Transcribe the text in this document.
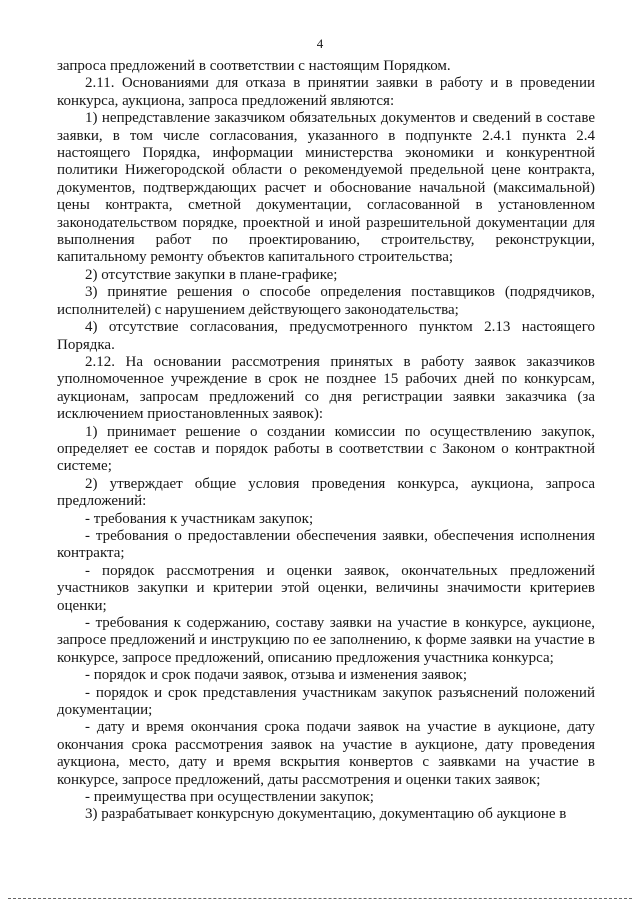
4

запроса предложений в соответствии с настоящим Порядком.

2.11. Основаниями для отказа в принятии заявки в работу и в проведении конкурса, аукциона, запроса предложений являются:

1) непредставление заказчиком обязательных документов и сведений в составе заявки, в том числе согласования, указанного в подпункте 2.4.1 пункта 2.4 настоящего Порядка, информации министерства экономики и конкурентной политики Нижегородской области о рекомендуемой предельной цене контракта, документов, подтверждающих расчет и обоснование начальной (максимальной) цены контракта, сметной документации, согласованной в установленном законодательством порядке, проектной и иной разрешительной документации для выполнения работ по проектированию, строительству, реконструкции, капитальному ремонту объектов капитального строительства;

2) отсутствие закупки в плане-графике;

3) принятие решения о способе определения поставщиков (подрядчиков, исполнителей) с нарушением действующего законодательства;

4) отсутствие согласования, предусмотренного пунктом 2.13 настоящего Порядка.

2.12. На основании рассмотрения принятых в работу заявок заказчиков уполномоченное учреждение в срок не позднее 15 рабочих дней по конкурсам, аукционам, запросам предложений со дня регистрации заявки заказчика (за исключением приостановленных заявок):

1) принимает решение о создании комиссии по осуществлению закупок, определяет ее состав и порядок работы в соответствии с Законом о контрактной системе;

2) утверждает общие условия проведения конкурса, аукциона, запроса предложений:

- требования к участникам закупок;

- требования о предоставлении обеспечения заявки, обеспечения исполнения контракта;

- порядок рассмотрения и оценки заявок, окончательных предложений участников закупки и критерии этой оценки, величины значимости критериев оценки;

- требования к содержанию, составу заявки на участие в конкурсе, аукционе, запросе предложений и инструкцию по ее заполнению, к форме заявки на участие в конкурсе, запросе предложений, описанию предложения участника конкурса;

- порядок и срок подачи заявок, отзыва и изменения заявок;

- порядок и срок представления участникам закупок разъяснений положений документации;

- дату и время окончания срока подачи заявок на участие в аукционе, дату окончания срока рассмотрения заявок на участие в аукционе, дату проведения аукциона, место, дату и время вскрытия конвертов с заявками на участие в конкурсе, запросе предложений, даты рассмотрения и оценки таких заявок;

- преимущества при осуществлении закупок;

3) разрабатывает конкурсную документацию, документацию об аукционе в
